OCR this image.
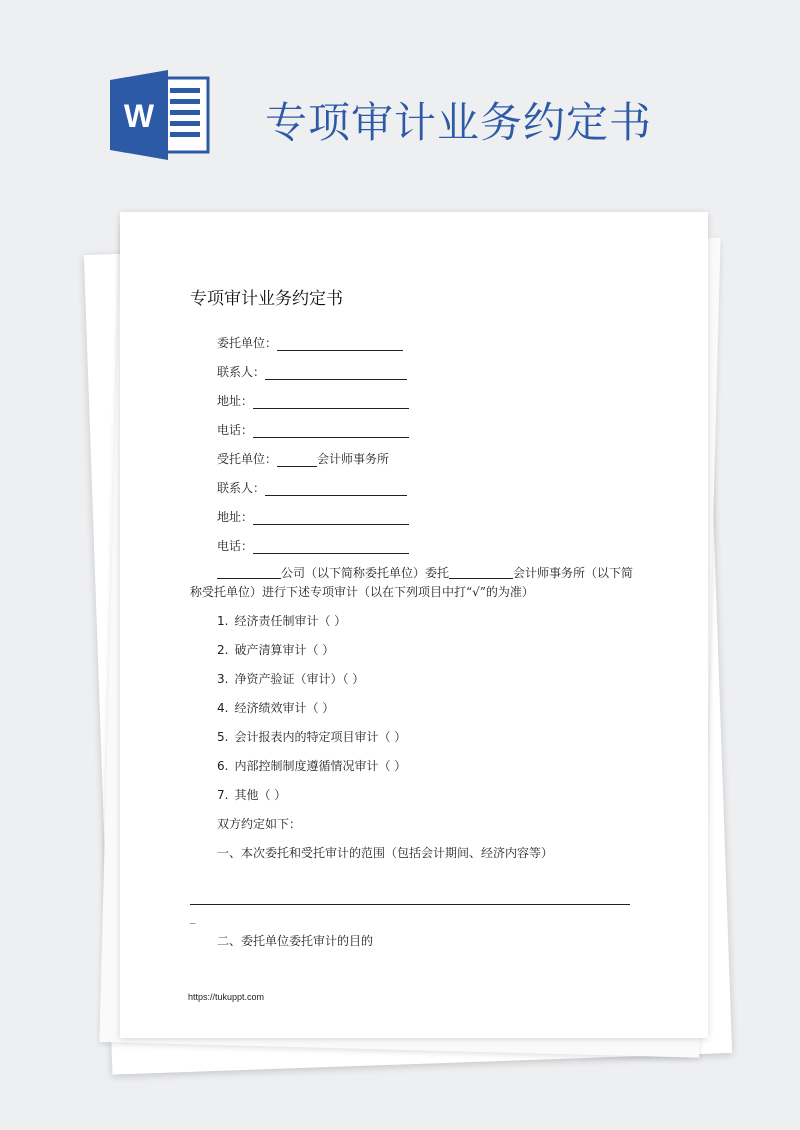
W	专项审计业务约定书
专项审计业务约定书
委托单位：
联系人：
地址：
电话：
受托单位：	会计师事务所
联系人：
地址：
电话：
公司（以下简称委托单位）委托	会计师事务所（以下简称受托单位）进行下述专项审计（以在下列项目中打“√”的为准）
1. 经济责任制审计（ ）
2. 破产清算审计（ ）
3. 净资产验证（审计）（ ）
4. 经济绩效审计（ ）
5. 会计报表内的特定项目审计（ ）
6. 内部控制制度遵循情况审计（ ）
7. 其他（ ）
双方约定如下：
一、本次委托和受托审计的范围（包括会计期间、经济内容等）
_
二、委托单位委托审计的目的
https://tukuppt.com
